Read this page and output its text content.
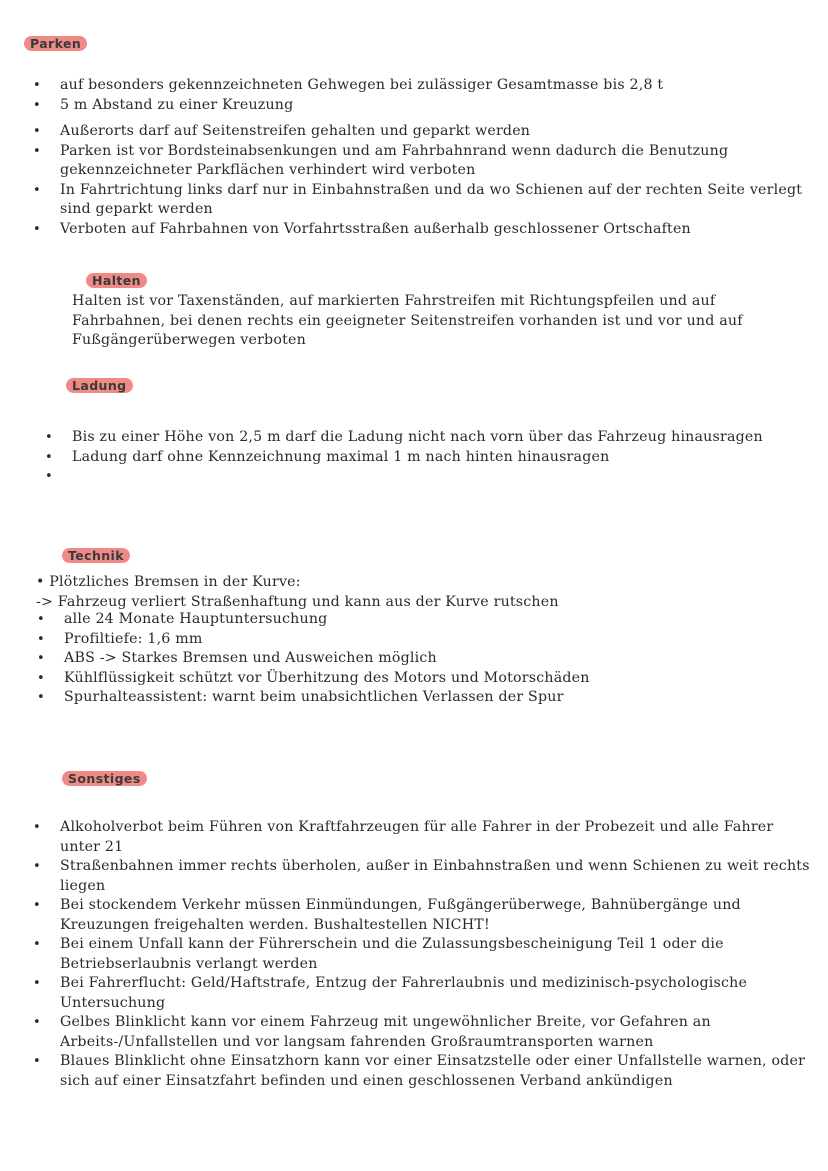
Parken
• auf besonders gekennzeichneten Gehwegen bei zulässiger Gesamtmasse bis 2,8 t
• 5 m Abstand zu einer Kreuzung
• Außerorts darf auf Seitenstreifen gehalten und geparkt werden
• Parken ist vor Bordsteinabsenkungen und am Fahrbahnrand wenn dadurch die Benutzung gekennzeichneter Parkflächen verhindert wird verboten
• In Fahrtrichtung links darf nur in Einbahnstraßen und da wo Schienen auf der rechten Seite verlegt sind geparkt werden
• Verboten auf Fahrbahnen von Vorfahrtsstraßen außerhalb geschlossener Ortschaften
Halten

Halten ist vor Taxenständen, auf markierten Fahrstreifen mit Richtungspfeilen und auf Fahrbahnen, bei denen rechts ein geeigneter Seitenstreifen vorhanden ist und vor und auf Fußgängerüberwegen verboten

Ladung
• Bis zu einer Höhe von 2,5 m darf die Ladung nicht nach vorn über das Fahrzeug hinausragen
• Ladung darf ohne Kennzeichnung maximal 1 m nach hinten hinausragen
•
Technik

• Plötzliches Bremsen in der Kurve:

-> Fahrzeug verliert Straßenhaftung und kann aus der Kurve rutschen

• alle 24 Monate Hauptuntersuchung
• Profiltiefe: 1,6 mm
• ABS -> Starkes Bremsen und Ausweichen möglich
• Kühlflüssigkeit schützt vor Überhitzung des Motors und Motorschäden
• Spurhalteassistent: warnt beim unabsichtlichen Verlassen der Spur
Sonstiges
• Alkoholverbot beim Führen von Kraftfahrzeugen für alle Fahrer in der Probezeit und alle Fahrer unter 21
• Straßenbahnen immer rechts überholen, außer in Einbahnstraßen und wenn Schienen zu weit rechts liegen
• Bei stockendem Verkehr müssen Einmündungen, Fußgängerüberwege, Bahnübergänge und Kreuzungen freigehalten werden. Bushaltestellen NICHT!
• Bei einem Unfall kann der Führerschein und die Zulassungsbescheinigung Teil 1 oder die Betriebserlaubnis verlangt werden
• Bei Fahrerflucht: Geld/Haftstrafe, Entzug der Fahrerlaubnis und medizinisch-psychologische Untersuchung
• Gelbes Blinklicht kann vor einem Fahrzeug mit ungewöhnlicher Breite, vor Gefahren an Arbeits-/Unfallstellen und vor langsam fahrenden Großraumtransporten warnen
• Blaues Blinklicht ohne Einsatzhorn kann vor einer Einsatzstelle oder einer Unfallstelle warnen, oder sich auf einer Einsatzfahrt befinden und einen geschlossenen Verband ankündigen
